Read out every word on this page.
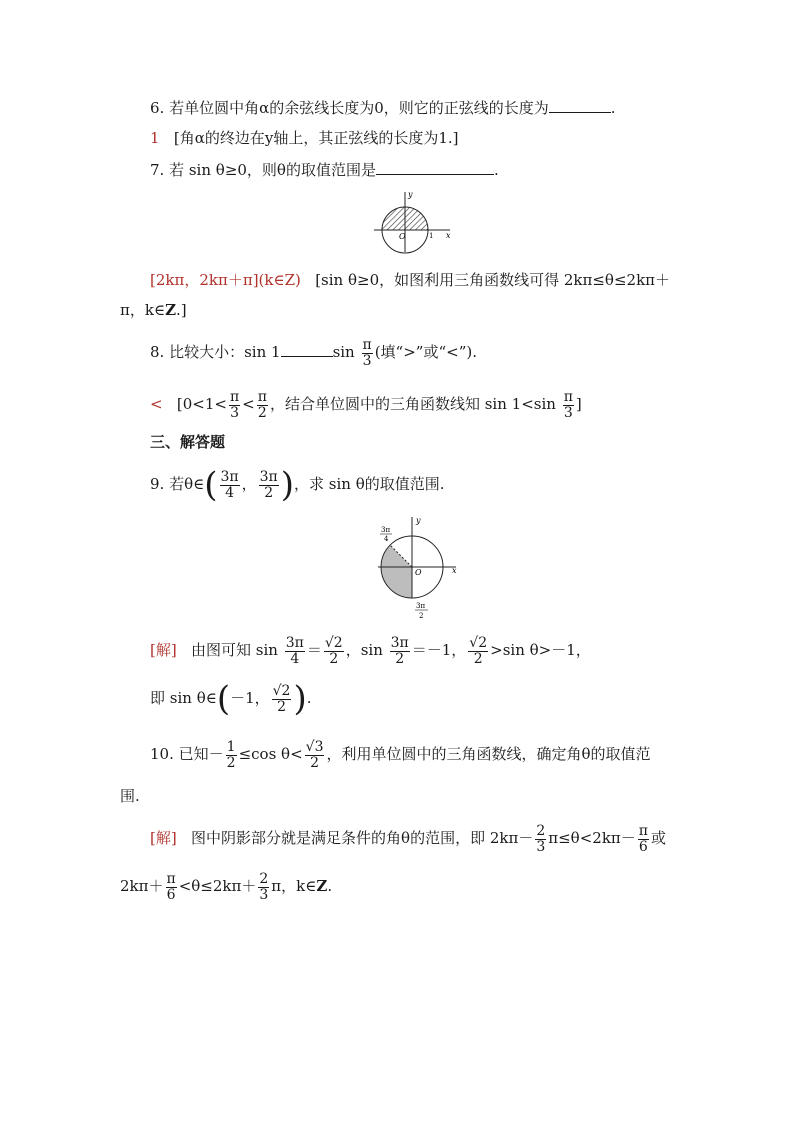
6. 若单位圆中角α的余弦线长度为0，则它的正弦线的长度为	.
1 [角α的终边在y轴上，其正弦线的长度为1.]
7. 若 sin θ≥0，则θ的取值范围是	.
y
x
O	1
[2kπ，2kπ＋π](k∈Z) [sin θ≥0，如图利用三角函数线可得 2kπ≤θ≤2kπ＋
π，k∈Z.]
8. 比较大小：sin 1	$\sin \frac{\pi}{3}$ (填“>”或“<”).
< [$0<1< \frac{\pi}{3} < \frac{\pi}{2}$ ，结合单位圆中的三角函数线知 $\sin 1<\sin \frac{\pi}{3}$ ]
三、解答题
9. 若θ∈( $\frac{3\pi}{4}$ ， $\frac{3\pi}{2}$ )，求 sin θ的取值范围.
y
x
O
3π
4
3π
2
[解] 由图可知 $\sin \frac{3\pi}{4} = \frac{√2}{2}$ ，$\sin \frac{3\pi}{2} =-1$， $\frac{√2}{2} >\sin$ θ>－1，
即 sin θ∈(－1， $\frac{√2}{2}$ ).
10. 已知－ $\frac{1}{2} \le\cos$ $\theta< \frac{√3}{2}$ ，利用单位圆中的三角函数线，确定角θ的取值范
围.
[解] 图中阴影部分就是满足条件的角θ的范围，即 $2k\pi- \frac{2}{3} \pi\le\theta<2k\pi- \frac{\pi}{6}$ 或
$2k\pi+ \frac{\pi}{6} <\theta\le 2k\pi+ \frac{2}{3}$ π，k∈Z.
